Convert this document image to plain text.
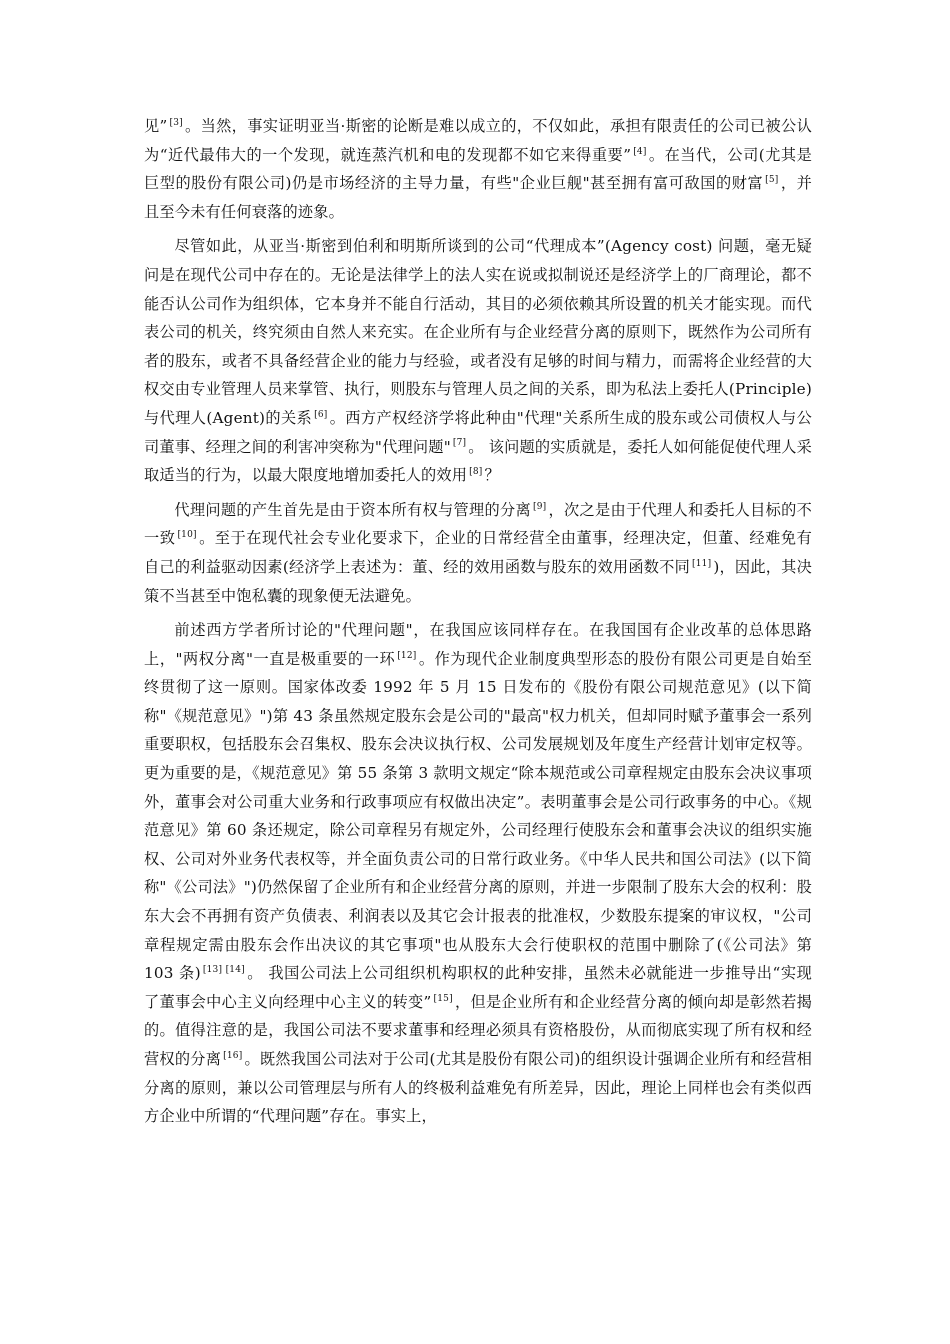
见” [3] 。当然，事实证明亚当·斯密的论断是难以成立的，不仅如此，承担有限责任的公司已被公认为“近代最伟大的一个发现，就连蒸汽机和电的发现都不如它来得重要” [4] 。在当代，公司(尤其是巨型的股份有限公司)仍是市场经济的主导力量，有些"企业巨舰"甚至拥有富可敌国的财富 [5] ，并且至今未有任何衰落的迹象。

尽管如此，从亚当·斯密到伯利和明斯所谈到的公司“代理成本”(Agency cost) 问题，毫无疑问是在现代公司中存在的。无论是法律学上的法人实在说或拟制说还是经济学上的厂商理论，都不能否认公司作为组织体，它本身并不能自行活动，其目的必须依赖其所设置的机关才能实现。而代表公司的机关，终究须由自然人来充实。在企业所有与企业经营分离的原则下，既然作为公司所有者的股东，或者不具备经营企业的能力与经验，或者没有足够的时间与精力，而需将企业经营的大权交由专业管理人员来掌管、执行，则股东与管理人员之间的关系，即为私法上委托人(Principle)与代理人(Agent)的关系 [6] 。西方产权经济学将此种由"代理"关系所生成的股东或公司债权人与公司董事、经理之间的利害冲突称为"代理问题" [7] 。 该问题的实质就是，委托人如何能促使代理人采取适当的行为，以最大限度地增加委托人的效用 [8] ？

代理问题的产生首先是由于资本所有权与管理的分离 [9] ，次之是由于代理人和委托人目标的不一致 [10] 。至于在现代社会专业化要求下，企业的日常经营全由董事，经理决定，但董、经难免有自己的利益驱动因素(经济学上表述为：董、经的效用函数与股东的效用函数不同 [11] )，因此，其决策不当甚至中饱私囊的现象便无法避免。

前述西方学者所讨论的"代理问题"，在我国应该同样存在。在我国国有企业改革的总体思路上，"两权分离"一直是极重要的一环 [12] 。作为现代企业制度典型形态的股份有限公司更是自始至终贯彻了这一原则。国家体改委 1992 年 5 月 15 日发布的《股份有限公司规范意见》(以下简称"《规范意见》")第 43 条虽然规定股东会是公司的"最高"权力机关，但却同时赋予董事会一系列重要职权，包括股东会召集权、股东会决议执行权、公司发展规划及年度生产经营计划审定权等。更为重要的是，《规范意见》第 55 条第 3 款明文规定“除本规范或公司章程规定由股东会决议事项外，董事会对公司重大业务和行政事项应有权做出决定”。表明董事会是公司行政事务的中心。《规范意见》第 60 条还规定，除公司章程另有规定外，公司经理行使股东会和董事会决议的组织实施权、公司对外业务代表权等，并全面负责公司的日常行政业务。《中华人民共和国公司法》(以下简称"《公司法》")仍然保留了企业所有和企业经营分离的原则，并进一步限制了股东大会的权利：股东大会不再拥有资产负债表、利润表以及其它会计报表的批准权，少数股东提案的审议权，"公司章程规定需由股东会作出决议的其它事项"也从股东大会行使职权的范围中删除了(《公司法》第 103 条) [13] [14] 。 我国公司法上公司组织机构职权的此种安排，虽然未必就能进一步推导出“实现了董事会中心主义向经理中心主义的转变” [15] ，但是企业所有和企业经营分离的倾向却是彰然若揭的。值得注意的是，我国公司法不要求董事和经理必须具有资格股份，从而彻底实现了所有权和经营权的分离 [16] 。既然我国公司法对于公司(尤其是股份有限公司)的组织设计强调企业所有和经营相分离的原则，兼以公司管理层与所有人的终极利益难免有所差异，因此，理论上同样也会有类似西方企业中所谓的“代理问题”存在。事实上，
